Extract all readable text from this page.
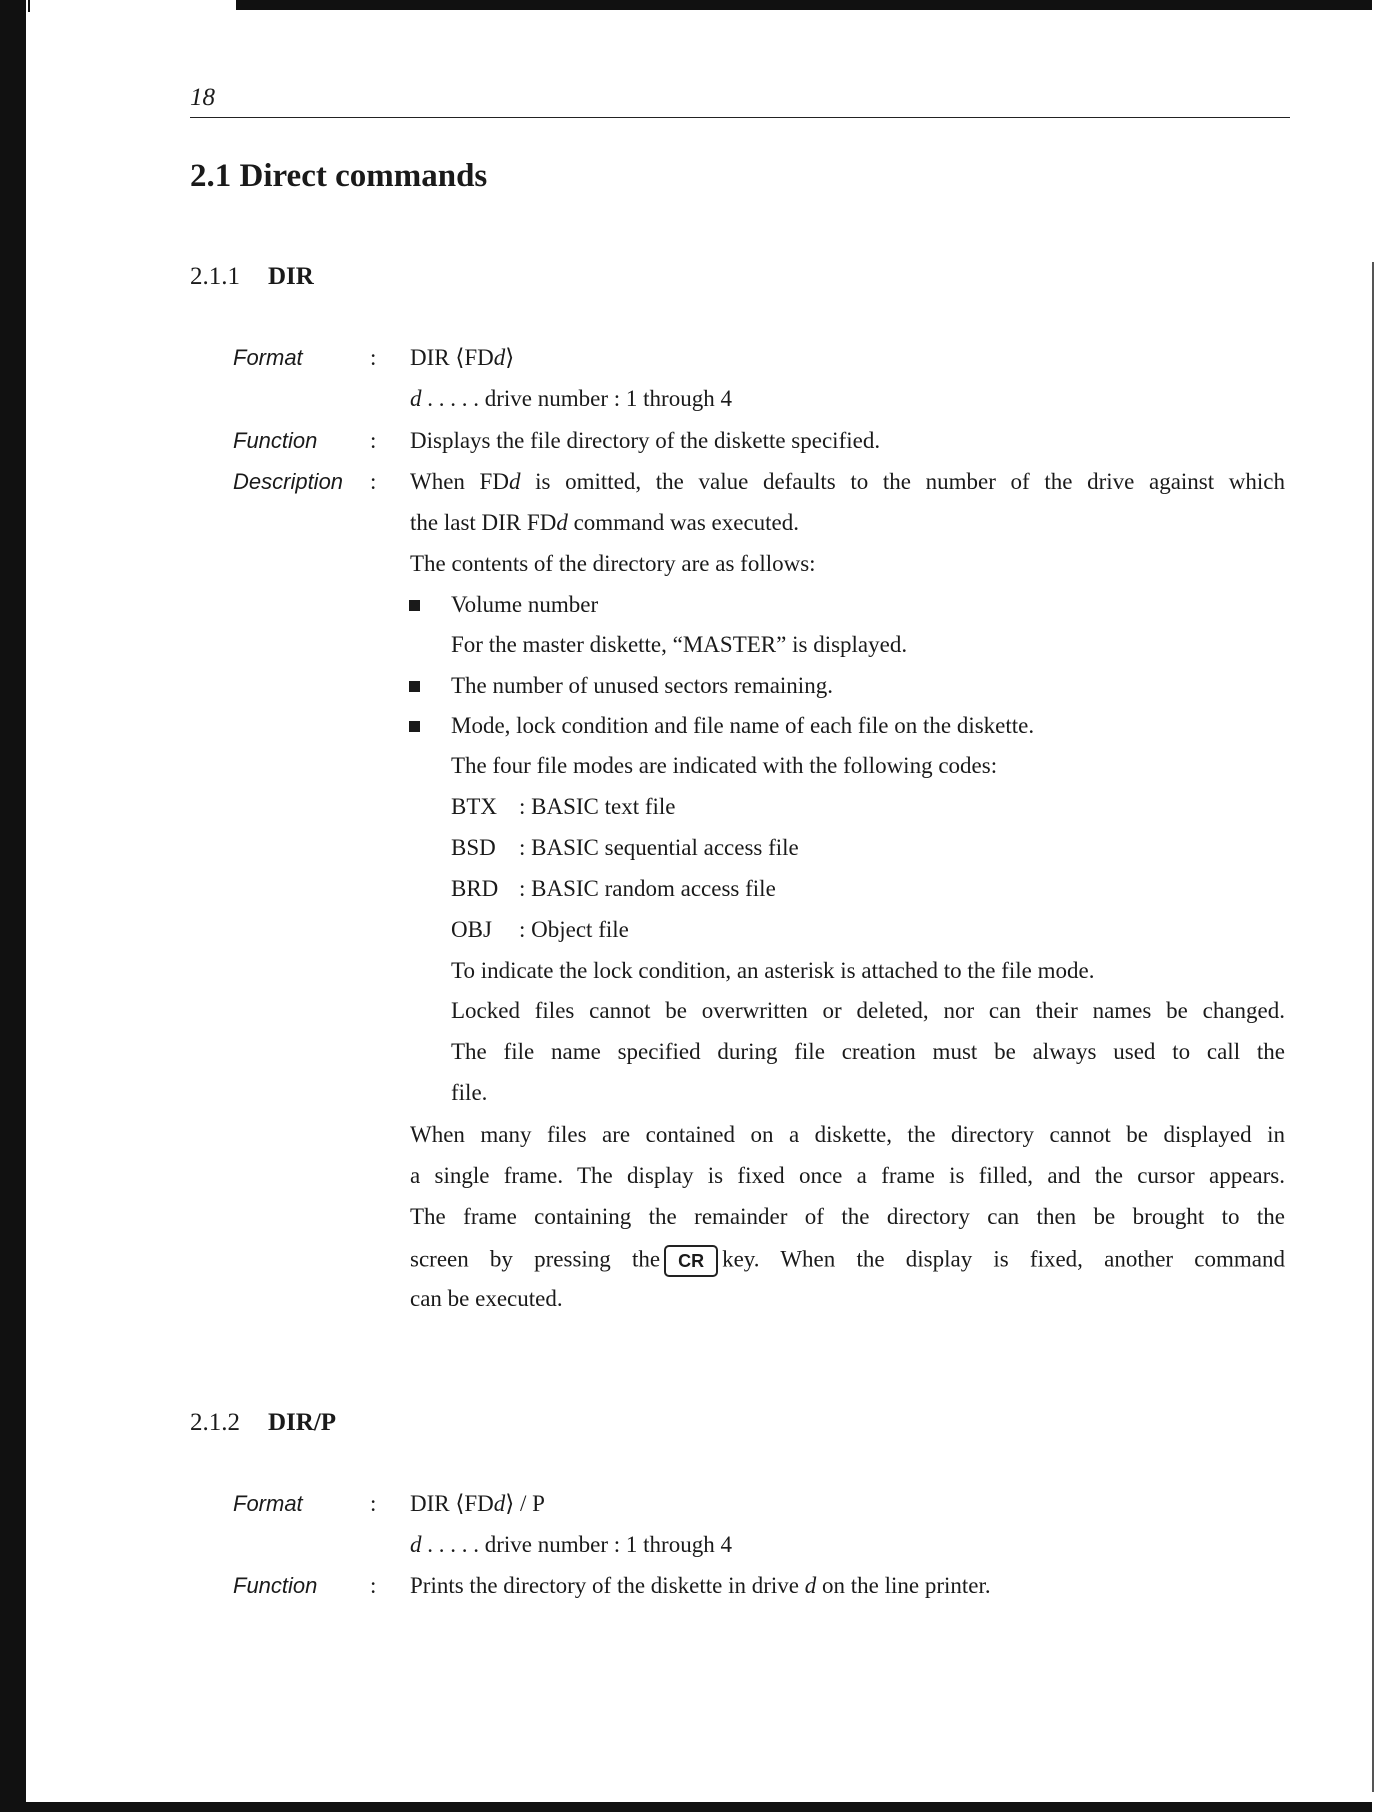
18
2.1 Direct commands
2.1.1 DIR
Format	: DIR ⟨FDd⟩
d . . . . . drive number : 1 through 4
Function : Displays the file directory of the diskette specified.
Description : When FDd is omitted, the value defaults to the number of the drive against which
the last DIR FDd command was executed.
The contents of the directory are as follows:
Volume number
For the master diskette, “MASTER” is displayed.
The number of unused sectors remaining.
Mode, lock condition and file name of each file on the diskette.
The four file modes are indicated with the following codes:
BTX : BASIC text file
BSD : BASIC sequential access file
BRD : BASIC random access file
OBJ : Object file
To indicate the lock condition, an asterisk is attached to the file mode.
Locked files cannot be overwritten or deleted, nor can their names be changed.
The file name specified during file creation must be always used to call the
file.
When many files are contained on a diskette, the directory cannot be displayed in
a single frame. The display is fixed once a frame is filled, and the cursor appears.
The frame containing the remainder of the directory can then be brought to the
screen by pressing the CR key. When the display is fixed, another command
can be executed.
2.1.2 DIR/P
Format	: DIR ⟨FDd⟩ / P
d . . . . . drive number : 1 through 4
Function : Prints the directory of the diskette in drive d on the line printer.
